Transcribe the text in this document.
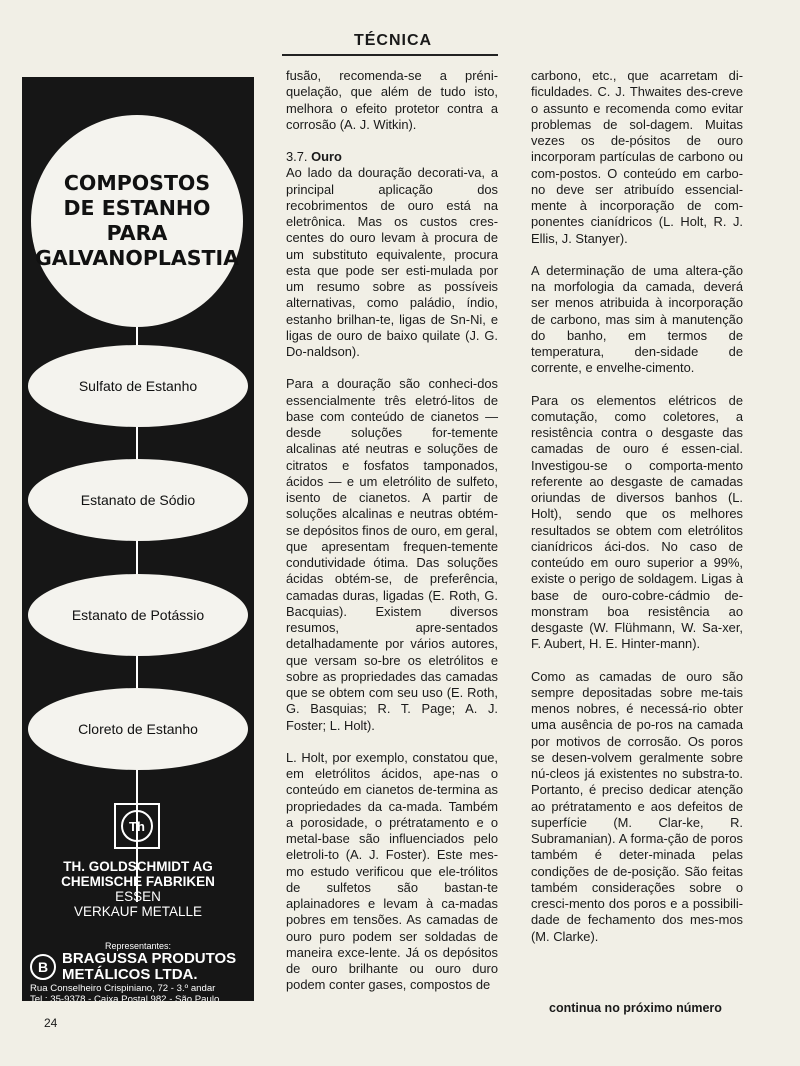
TÉCNICA
COMPOSTOS
DE ESTANHO
PARA
GALVANOPLASTIA
Sulfato de Estanho
Estanato de Sódio
Estanato de Potássio
Cloreto de Estanho
Th
TH. GOLDSCHMIDT AG
CHEMISCHE FABRIKEN
ESSEN
VERKAUF METALLE
Representantes:
B BRAGUSSA PRODUTOS
METÁLICOS LTDA.
Rua Conselheiro Crispiniano, 72 - 3.º andar
Tel.: 35-9378 - Caixa Postal 982 - São Paulo

fusão, recomenda-se a préni-quelação, que além de tudo isto, melhora o efeito protetor contra a corrosão (A. J. Witkin).

3.7. Ouro

Ao lado da douração decorati-va, a principal aplicação dos recobrimentos de ouro está na eletrônica. Mas os custos cres-centes do ouro levam à procura de um substituto equivalente, procura esta que pode ser esti-mulada por um resumo sobre as possíveis alternativas, como paládio, índio, estanho brilhan-te, ligas de Sn-Ni, e ligas de ouro de baixo quilate (J. G. Do-naldson).

Para a douração são conheci-dos essencialmente três eletró-litos de base com conteúdo de cianetos — desde soluções for-temente alcalinas até neutras e soluções de citratos e fosfatos tamponados, ácidos — e um eletrólito de sulfeto, isento de cianetos. A partir de soluções alcalinas e neutras obtém-se depósitos finos de ouro, em geral, que apresentam frequen-temente condutividade ótima. Das soluções ácidas obtém-se, de preferência, camadas duras, ligadas (E. Roth, G. Bacquias). Existem diversos resumos, apre-sentados detalhadamente por vários autores, que versam so-bre os eletrólitos e sobre as propriedades das camadas que se obtem com seu uso (E. Roth, G. Basquias; R. T. Page; A. J. Foster; L. Holt).

L. Holt, por exemplo, constatou que, em eletrólitos ácidos, ape-nas o conteúdo em cianetos de-termina as propriedades da ca-mada. Também a porosidade, o prétratamento e o metal-base são influenciados pelo eletroli-to (A. J. Foster). Este mes-mo estudo verificou que ele-trólitos de sulfetos são bastan-te aplainadores e levam à ca-madas pobres em tensões. As camadas de ouro puro podem ser soldadas de maneira exce-lente. Já os depósitos de ouro brilhante ou ouro duro podem conter gases, compostos de

carbono, etc., que acarretam di-ficuldades. C. J. Thwaites des-creve o assunto e recomenda como evitar problemas de sol-dagem. Muitas vezes os de-pósitos de ouro incorporam partículas de carbono ou com-postos. O conteúdo em carbo-no deve ser atribuído essencial-mente à incorporação de com-ponentes cianídricos (L. Holt, R. J. Ellis, J. Stanyer).

A determinação de uma altera-ção na morfologia da camada, deverá ser menos atribuida à incorporação de carbono, mas sim à manutenção do banho, em termos de temperatura, den-sidade de corrente, e envelhe-cimento.

Para os elementos elétricos de comutação, como coletores, a resistência contra o desgaste das camadas de ouro é essen-cial. Investigou-se o comporta-mento referente ao desgaste de camadas oriundas de diversos banhos (L. Holt), sendo que os melhores resultados se obtem com eletrólitos cianídricos áci-dos. No caso de conteúdo em ouro superior a 99%, existe o perigo de soldagem. Ligas à base de ouro-cobre-cádmio de-monstram boa resistência ao desgaste (W. Flühmann, W. Sa-xer, F. Aubert, H. E. Hinter-mann).

Como as camadas de ouro são sempre depositadas sobre me-tais menos nobres, é necessá-rio obter uma ausência de po-ros na camada por motivos de corrosão. Os poros se desen-volvem geralmente sobre nú-cleos já existentes no substra-to. Portanto, é preciso dedicar atenção ao prétratamento e aos defeitos de superfície (M. Clar-ke, R. Subramanian). A forma-ção de poros também é deter-minada pelas condições de de-posição. São feitas também considerações sobre o cresci-mento dos poros e a possibili-dade de fechamento dos mes-mos (M. Clarke).

continua no próximo número
24
